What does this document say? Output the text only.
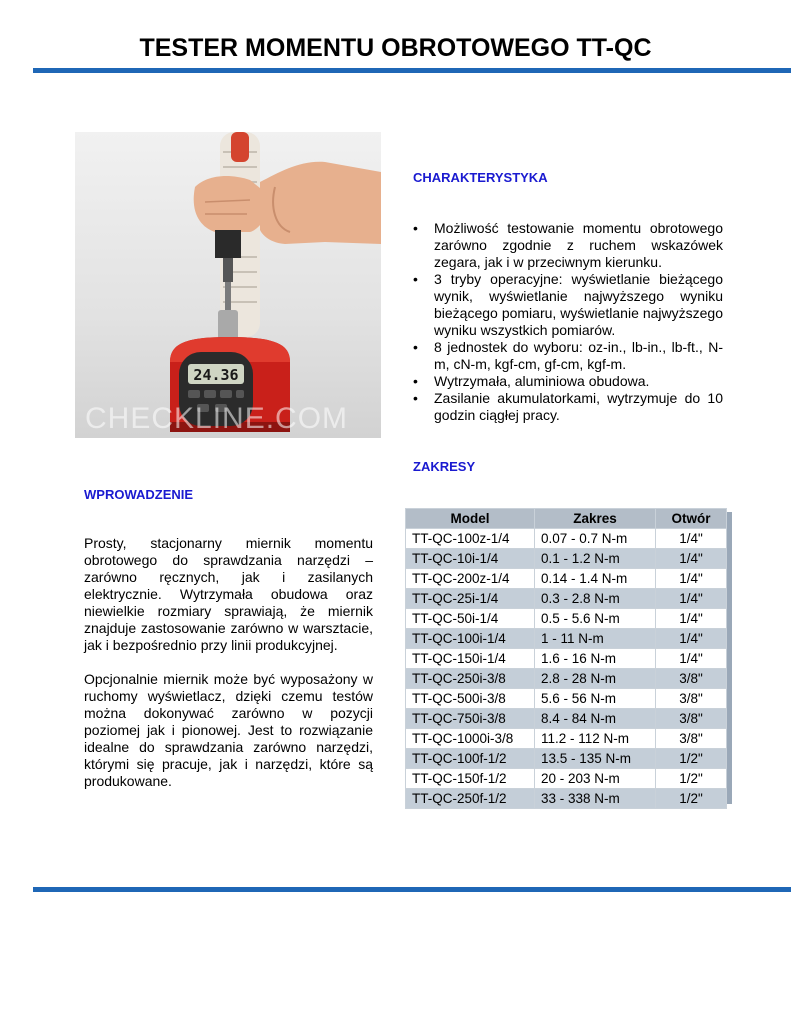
TESTER MOMENTU OBROTOWEGO TT-QC
24.36
CHECKLINE.COM
CHARAKTERYSTYKA
• Możliwość testowanie momentu obrotowego zarówno zgodnie z ruchem wskazówek zegara, jak i w przeciwnym kierunku.
• 3 tryby operacyjne: wyświetlanie bieżącego wynik, wyświetlanie najwyższego wyniku bieżącego pomiaru, wyświetlanie najwyższego wyniku wszystkich pomiarów.
• 8 jednostek do wyboru: oz-in., lb-in., lb-ft., N-m, cN-m, kgf-cm, gf-cm, kgf-m.
• Wytrzymała, aluminiowa obudowa.
• Zasilanie akumulatorkami, wytrzymuje do 10 godzin ciągłej pracy.
ZAKRESY
WPROWADZENIE

Prosty, stacjonarny miernik momentu obrotowego do sprawdzania narzędzi – zarówno ręcznych, jak i zasilanych elektrycznie. Wytrzymała obudowa oraz niewielkie rozmiary sprawiają, że miernik znajduje zastosowanie zarówno w warsztacie, jak i bezpośrednio przy linii produkcyjnej.

Opcjonalnie miernik może być wyposażony w ruchomy wyświetlacz, dzięki czemu testów można dokonywać zarówno w pozycji poziomej jak i pionowej. Jest to rozwiązanie idealne do sprawdzania zarówno narzędzi, którymi się pracuje, jak i narzędzi, które są produkowane.

Model	Zakres	Otwór
TT-QC-100z-1/4	0.07 - 0.7 N-m	1/4"
TT-QC-10i-1/4	0.1 - 1.2 N-m	1/4"
TT-QC-200z-1/4	0.14 - 1.4 N-m	1/4"
TT-QC-25i-1/4	0.3 - 2.8 N-m	1/4"
TT-QC-50i-1/4	0.5 - 5.6 N-m	1/4"
TT-QC-100i-1/4	1 - 11 N-m	1/4"
TT-QC-150i-1/4	1.6 - 16 N-m	1/4"
TT-QC-250i-3/8	2.8 - 28 N-m	3/8"
TT-QC-500i-3/8	5.6 - 56 N-m	3/8"
TT-QC-750i-3/8	8.4 - 84 N-m	3/8"
TT-QC-1000i-3/8	11.2 - 112 N-m	3/8"
TT-QC-100f-1/2	13.5 - 135 N-m	1/2"
TT-QC-150f-1/2	20 - 203 N-m	1/2"
TT-QC-250f-1/2	33 - 338 N-m	1/2"
